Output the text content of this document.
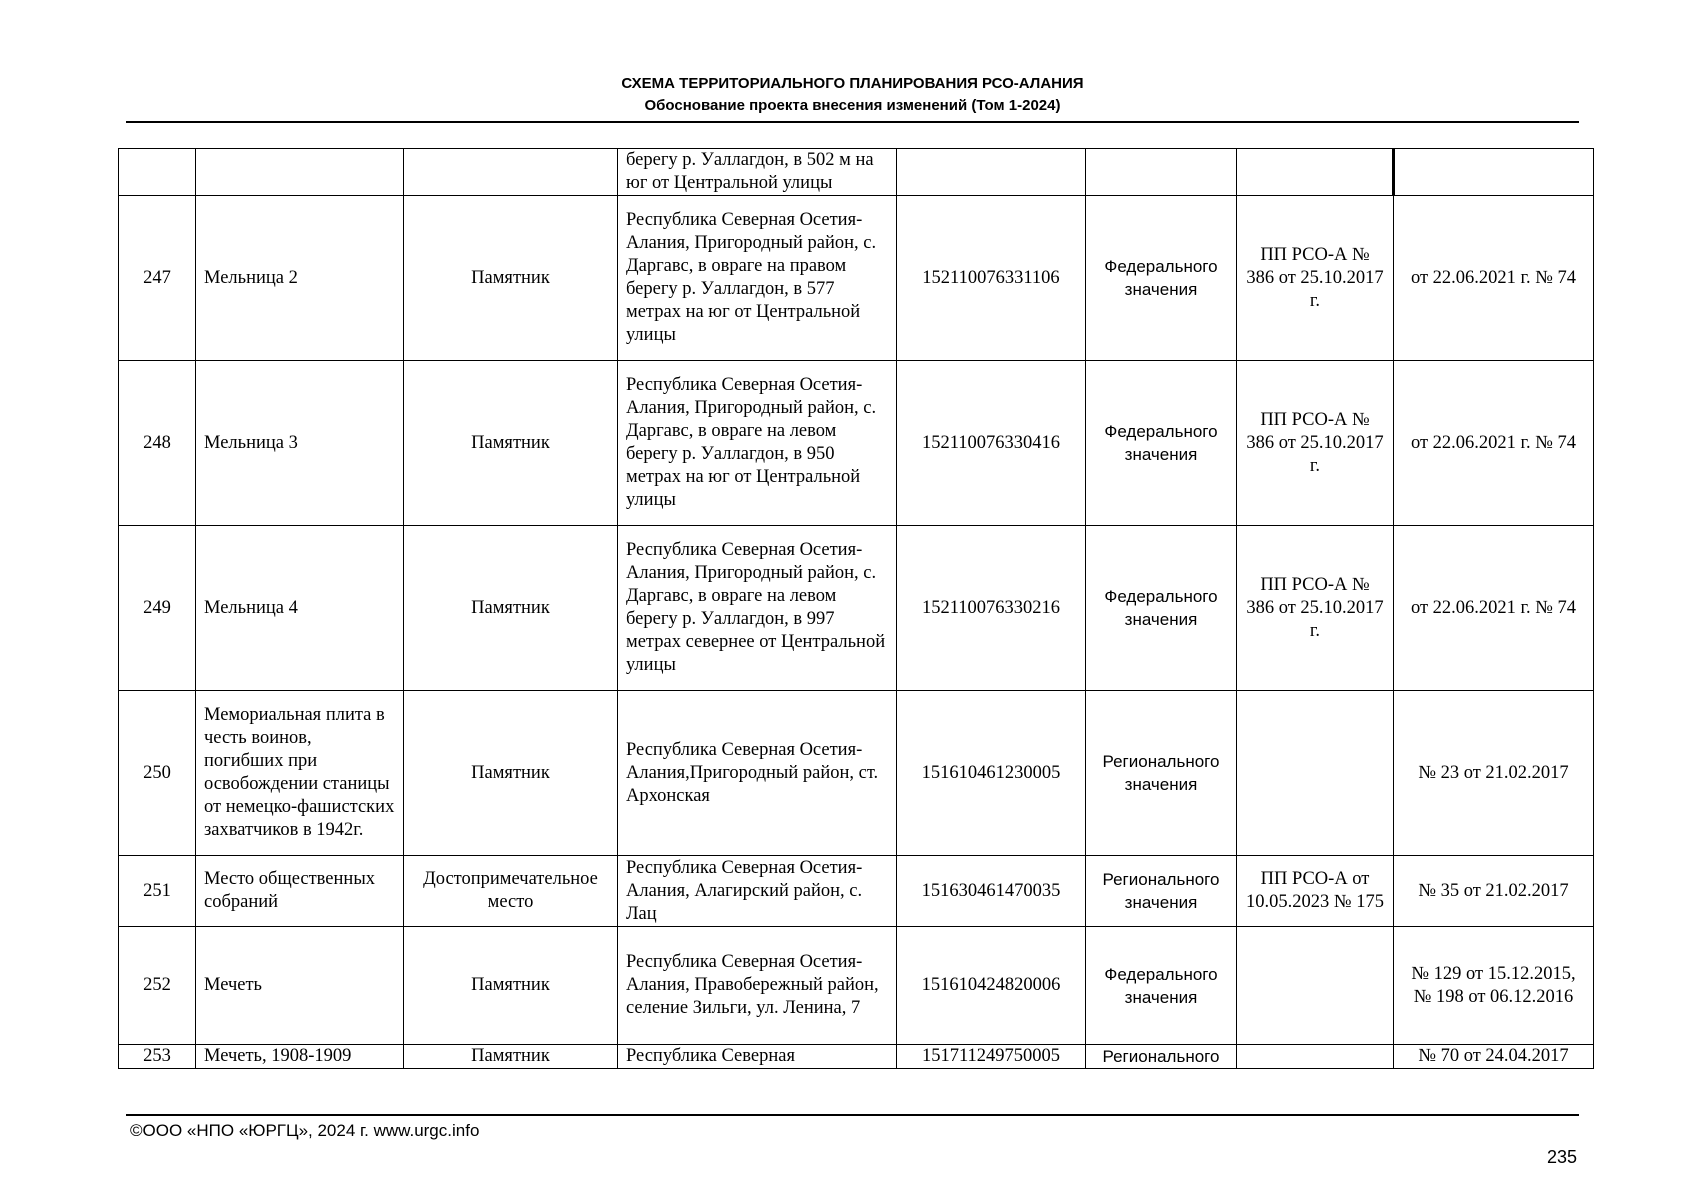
СХЕМА ТЕРРИТОРИАЛЬНОГО ПЛАНИРОВАНИЯ РСО-АЛАНИЯ
Обоснование проекта внесения изменений (Том 1-2024)
			берегу р. Уаллагдон, в 502 м на юг от Центральной улицы				
247	Мельница 2	Памятник	Республика Северная Осетия-Алания, Пригородный район, с. Даргавс, в овраге на правом берегу р. Уаллагдон, в 577 метрах на юг от Центральной улицы	152110076331106	Федерального значения	ПП РСО-А № 386 от 25.10.2017 г.	от 22.06.2021 г. № 74
248	Мельница 3	Памятник	Республика Северная Осетия-Алания, Пригородный район, с. Даргавс, в овраге на левом берегу р. Уаллагдон, в 950 метрах на юг от Центральной улицы	152110076330416	Федерального значения	ПП РСО-А № 386 от 25.10.2017 г.	от 22.06.2021 г. № 74
249	Мельница 4	Памятник	Республика Северная Осетия-Алания, Пригородный район, с. Даргавс, в овраге на левом берегу р. Уаллагдон, в 997 метрах севернее от Центральной улицы	152110076330216	Федерального значения	ПП РСО-А № 386 от 25.10.2017 г.	от 22.06.2021 г. № 74
250	Мемориальная плита в честь воинов, погибших при освобождении станицы от немецко-фашистских захватчиков в 1942г.	Памятник	Республика Северная Осетия-Алания,Пригородный район, ст. Архонская	151610461230005	Регионального значения		№ 23 от 21.02.2017
251	Место общественных собраний	Достопримечательное место	Республика Северная Осетия-Алания, Алагирский район, с. Лац	151630461470035	Регионального значения	ПП РСО-А от 10.05.2023 № 175	№ 35 от 21.02.2017
252	Мечеть	Памятник	Республика Северная Осетия-Алания, Правобережный район, селение Зильги, ул. Ленина, 7	151610424820006	Федерального значения		№ 129 от 15.12.2015, № 198 от 06.12.2016
253	Мечеть, 1908-1909	Памятник	Республика Северная	151711249750005	Регионального		№ 70 от 24.04.2017
©ООО «НПО «ЮРГЦ», 2024 г. www.urgc.info
235
